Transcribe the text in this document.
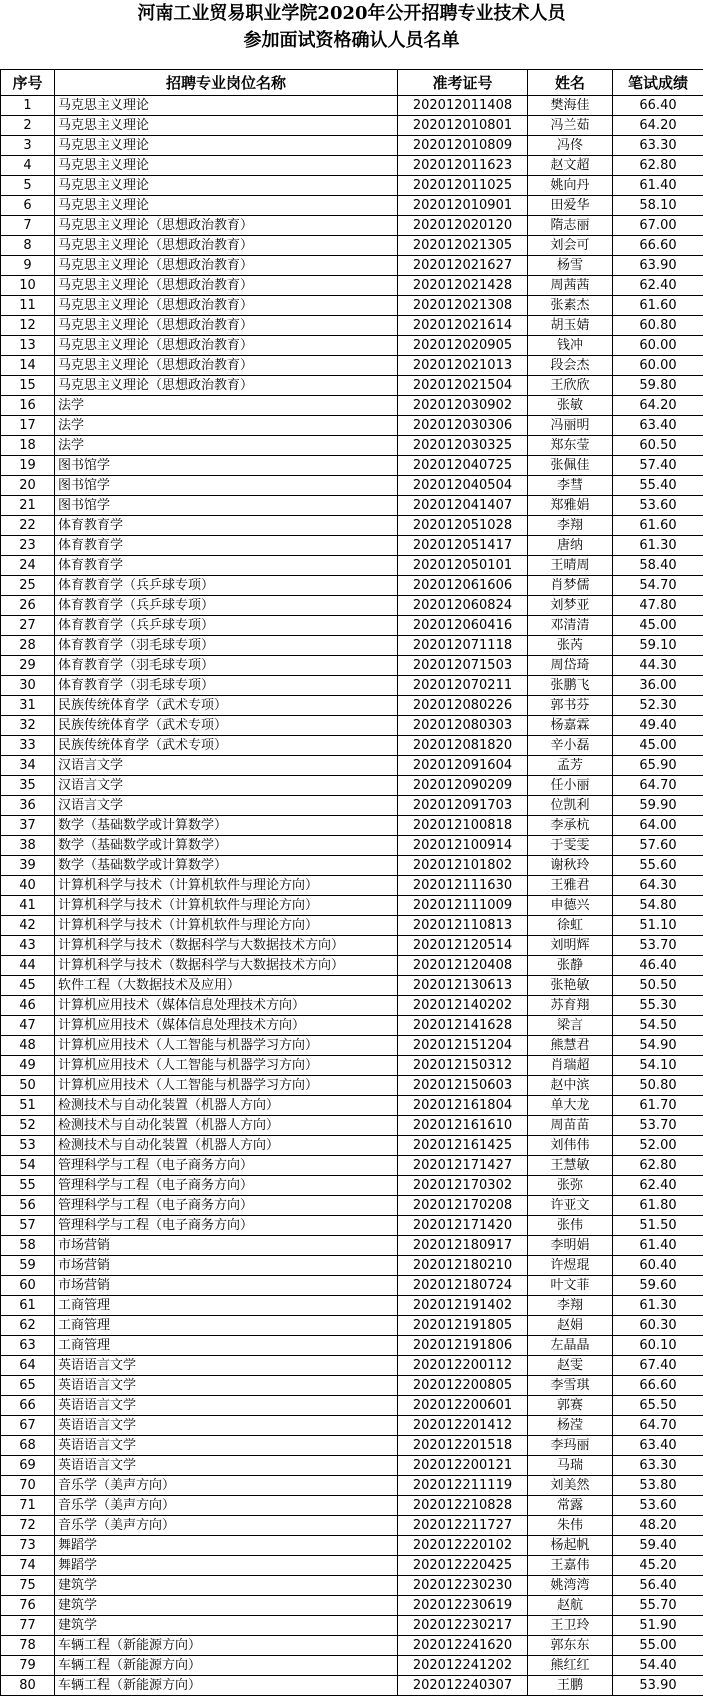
河南工业贸易职业学院2020年公开招聘专业技术人员
参加面试资格确认人员名单
序号	招聘专业岗位名称	准考证号	姓名	笔试成绩
1	马克思主义理论	202012011408	樊海佳	66.40
2	马克思主义理论	202012010801	冯兰茹	64.20
3	马克思主义理论	202012010809	冯佟	63.30
4	马克思主义理论	202012011623	赵文超	62.80
5	马克思主义理论	202012011025	姚向丹	61.40
6	马克思主义理论	202012010901	田爱华	58.10
7	马克思主义理论（思想政治教育）	202012020120	隋志丽	67.00
8	马克思主义理论（思想政治教育）	202012021305	刘会可	66.60
9	马克思主义理论（思想政治教育）	202012021627	杨雪	63.90
10	马克思主义理论（思想政治教育）	202012021428	周茜茜	62.40
11	马克思主义理论（思想政治教育）	202012021308	张素杰	61.60
12	马克思主义理论（思想政治教育）	202012021614	胡玉婧	60.80
13	马克思主义理论（思想政治教育）	202012020905	钱冲	60.00
14	马克思主义理论（思想政治教育）	202012021013	段会杰	60.00
15	马克思主义理论（思想政治教育）	202012021504	王欣欣	59.80
16	法学	202012030902	张敏	64.20
17	法学	202012030306	冯丽明	63.40
18	法学	202012030325	郑东莹	60.50
19	图书馆学	202012040725	张佩佳	57.40
20	图书馆学	202012040504	李彗	55.40
21	图书馆学	202012041407	郑雅娟	53.60
22	体育教育学	202012051028	李翔	61.60
23	体育教育学	202012051417	唐纳	61.30
24	体育教育学	202012050101	王晴周	58.40
25	体育教育学（兵乒球专项）	202012061606	肖梦儒	54.70
26	体育教育学（兵乒球专项）	202012060824	刘梦亚	47.80
27	体育教育学（兵乒球专项）	202012060416	邓清清	45.00
28	体育教育学（羽毛球专项）	202012071118	张芮	59.10
29	体育教育学（羽毛球专项）	202012071503	周岱琦	44.30
30	体育教育学（羽毛球专项）	202012070211	张鹏飞	36.00
31	民族传统体育学（武术专项）	202012080226	郭书芬	52.30
32	民族传统体育学（武术专项）	202012080303	杨嘉霖	49.40
33	民族传统体育学（武术专项）	202012081820	辛小磊	45.00
34	汉语言文学	202012091604	孟芳	65.90
35	汉语言文学	202012090209	任小丽	64.70
36	汉语言文学	202012091703	位凯利	59.90
37	数学（基础数学或计算数学）	202012100818	李承杭	64.00
38	数学（基础数学或计算数学）	202012100914	于雯雯	57.60
39	数学（基础数学或计算数学）	202012101802	谢秋玲	55.60
40	计算机科学与技术（计算机软件与理论方向）	202012111630	王雅君	64.30
41	计算机科学与技术（计算机软件与理论方向）	202012111009	申德兴	54.80
42	计算机科学与技术（计算机软件与理论方向）	202012110813	徐虹	51.10
43	计算机科学与技术（数据科学与大数据技术方向）	202012120514	刘明辉	53.70
44	计算机科学与技术（数据科学与大数据技术方向）	202012120408	张静	46.40
45	软件工程（大数据技术及应用）	202012130613	张艳敏	50.50
46	计算机应用技术（媒体信息处理技术方向）	202012140202	苏育翔	55.30
47	计算机应用技术（媒体信息处理技术方向）	202012141628	梁言	54.50
48	计算机应用技术（人工智能与机器学习方向）	202012151204	熊慧君	54.90
49	计算机应用技术（人工智能与机器学习方向）	202012150312	肖瑞超	54.10
50	计算机应用技术（人工智能与机器学习方向）	202012150603	赵中滨	50.80
51	检测技术与自动化装置（机器人方向）	202012161804	单大龙	61.70
52	检测技术与自动化装置（机器人方向）	202012161610	周苗苗	53.70
53	检测技术与自动化装置（机器人方向）	202012161425	刘伟伟	52.00
54	管理科学与工程（电子商务方向）	202012171427	王慧敏	62.80
55	管理科学与工程（电子商务方向）	202012170302	张弥	62.40
56	管理科学与工程（电子商务方向）	202012170208	许亚文	61.80
57	管理科学与工程（电子商务方向）	202012171420	张伟	51.50
58	市场营销	202012180917	李明娟	61.40
59	市场营销	202012180210	许煜琨	60.40
60	市场营销	202012180724	叶文菲	59.60
61	工商管理	202012191402	李翔	61.30
62	工商管理	202012191805	赵娟	60.30
63	工商管理	202012191806	左晶晶	60.10
64	英语语言文学	202012200112	赵雯	67.40
65	英语语言文学	202012200805	李雪琪	66.60
66	英语语言文学	202012200601	郭赛	65.50
67	英语语言文学	202012201412	杨滢	64.70
68	英语语言文学	202012201518	李玛丽	63.40
69	英语语言文学	202012200121	马瑞	63.30
70	音乐学（美声方向）	202012211119	刘美然	53.80
71	音乐学（美声方向）	202012210828	常露	53.60
72	音乐学（美声方向）	202012211727	朱伟	48.20
73	舞蹈学	202012220102	杨起帆	59.40
74	舞蹈学	202012220425	王嘉伟	45.20
75	建筑学	202012230230	姚湾湾	56.40
76	建筑学	202012230619	赵航	55.70
77	建筑学	202012230217	王卫玲	51.90
78	车辆工程（新能源方向）	202012241620	郭东东	55.00
79	车辆工程（新能源方向）	202012241202	熊红红	54.40
80	车辆工程（新能源方向）	202012240307	王鹏	53.90
